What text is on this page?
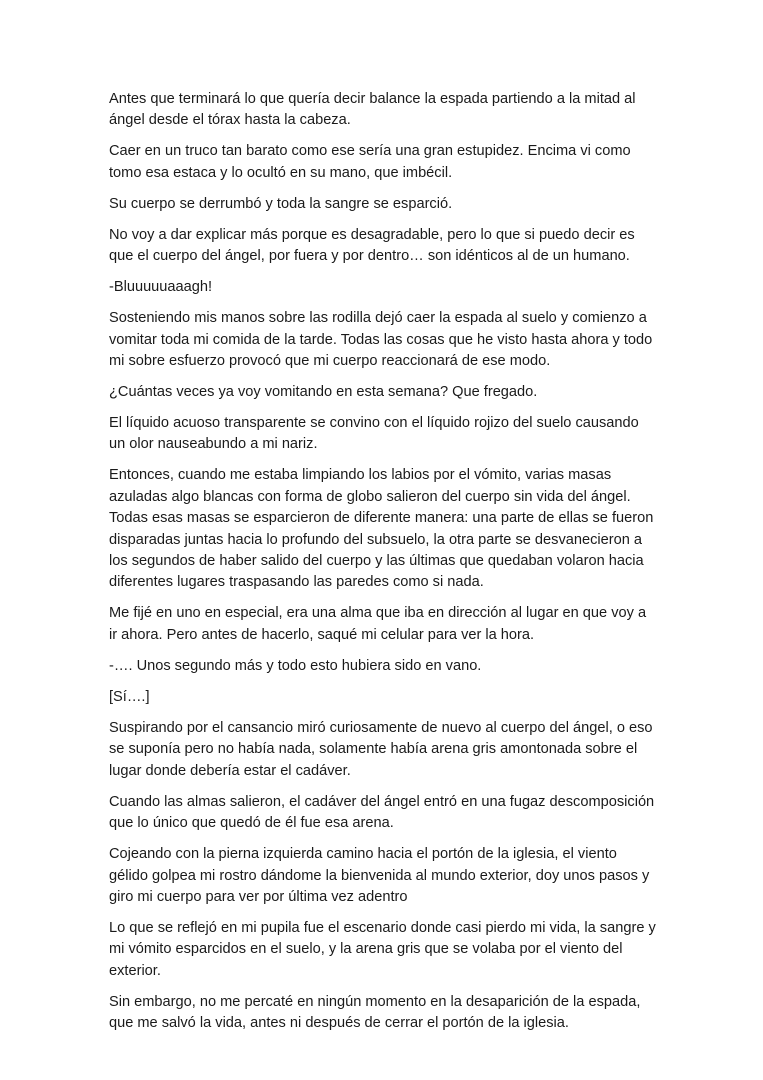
Antes que terminará lo que quería decir balance la espada partiendo a la mitad al ángel desde el tórax hasta la cabeza.

Caer en un truco tan barato como ese sería una gran estupidez. Encima vi como tomo esa estaca y lo ocultó en su mano, que imbécil.

Su cuerpo se derrumbó y toda la sangre se esparció.

No voy a dar explicar más porque es desagradable, pero lo que si puedo decir es que el cuerpo del ángel, por fuera y por dentro… son idénticos al de un humano.

-Bluuuuuaaagh!

Sosteniendo mis manos sobre las rodilla dejó caer la espada al suelo y comienzo a vomitar toda mi comida de la tarde. Todas las cosas que he visto hasta ahora y todo mi sobre esfuerzo provocó que mi cuerpo reaccionará de ese modo.

¿Cuántas veces ya voy vomitando en esta semana? Que fregado.

El líquido acuoso transparente se convino con el líquido rojizo del suelo causando un olor nauseabundo a mi nariz.

Entonces, cuando me estaba limpiando los labios por el vómito, varias masas azuladas algo blancas con forma de globo salieron del cuerpo sin vida del ángel. Todas esas masas se esparcieron de diferente manera: una parte de ellas se fueron disparadas juntas hacia lo profundo del subsuelo, la otra parte se desvanecieron a los segundos de haber salido del cuerpo y las últimas que quedaban volaron hacia diferentes lugares traspasando las paredes como si nada.

Me fijé en uno en especial, era una alma que iba en dirección al lugar en que voy a ir ahora. Pero antes de hacerlo, saqué mi celular para ver la hora.

-…. Unos segundo más y todo esto hubiera sido en vano.

[Sí….]

Suspirando por el cansancio miró curiosamente de nuevo al cuerpo del ángel, o eso se suponía pero no había nada, solamente había arena gris amontonada sobre el lugar donde debería estar el cadáver.

Cuando las almas salieron, el cadáver del ángel entró en una fugaz descomposición que lo único que quedó de él fue esa arena.

Cojeando con la pierna izquierda camino hacia el portón de la iglesia, el viento gélido golpea mi rostro dándome la bienvenida al mundo exterior, doy unos pasos y giro mi cuerpo para ver por última vez adentro

Lo que se reflejó en mi pupila fue el escenario donde casi pierdo mi vida, la sangre y mi vómito esparcidos en el suelo, y la arena gris que se volaba por el viento del exterior.

Sin embargo, no me percaté en ningún momento en la desaparición de la espada, que me salvó la vida, antes ni después de cerrar el portón de la iglesia.
